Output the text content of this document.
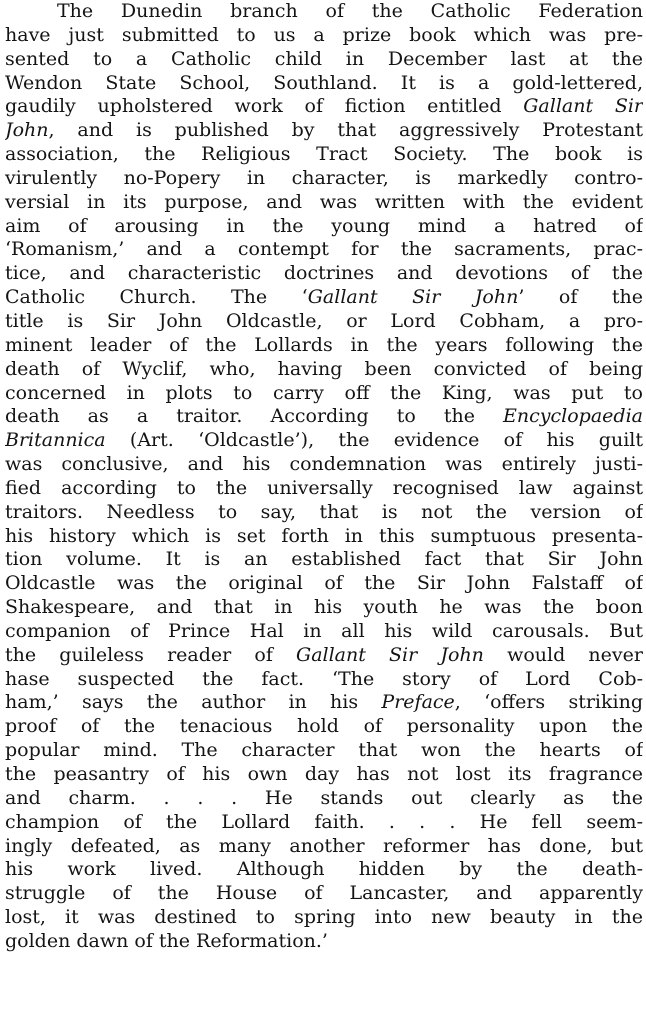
The Dunedin branch of the Catholic Federation
have just submitted to us a prize book which was pre-
sented to a Catholic child in December last at the
Wendon State School, Southland. It is a gold-lettered,
gaudily upholstered work of fiction entitled Gallant Sir
John, and is published by that aggressively Protestant
association, the Religious Tract Society. The book is
virulently no-Popery in character, is markedly contro-
versial in its purpose, and was written with the evident
aim of arousing in the young mind a hatred of
‘Romanism,’ and a contempt for the sacraments, prac-
tice, and characteristic doctrines and devotions of the
Catholic Church. The ‘Gallant Sir John’ of the
title is Sir John Oldcastle, or Lord Cobham, a pro-
minent leader of the Lollards in the years following the
death of Wyclif, who, having been convicted of being
concerned in plots to carry off the King, was put to
death as a traitor. According to the Encyclopaedia
Britannica (Art. ‘Oldcastle’), the evidence of his guilt
was conclusive, and his condemnation was entirely justi-
fied according to the universally recognised law against
traitors. Needless to say, that is not the version of
his history which is set forth in this sumptuous presenta-
tion volume. It is an established fact that Sir John
Oldcastle was the original of the Sir John Falstaff of
Shakespeare, and that in his youth he was the boon
companion of Prince Hal in all his wild carousals. But
the guileless reader of Gallant Sir John would never
hase suspected the fact. ‘The story of Lord Cob-
ham,’ says the author in his Preface, ‘offers striking
proof of the tenacious hold of personality upon the
popular mind. The character that won the hearts of
the peasantry of his own day has not lost its fragrance
and charm. . . . He stands out clearly as the
champion of the Lollard faith. . . . He fell seem-
ingly defeated, as many another reformer has done, but
his work lived. Although hidden by the death-
struggle of the House of Lancaster, and apparently
lost, it was destined to spring into new beauty in the
golden dawn of the Reformation.’
